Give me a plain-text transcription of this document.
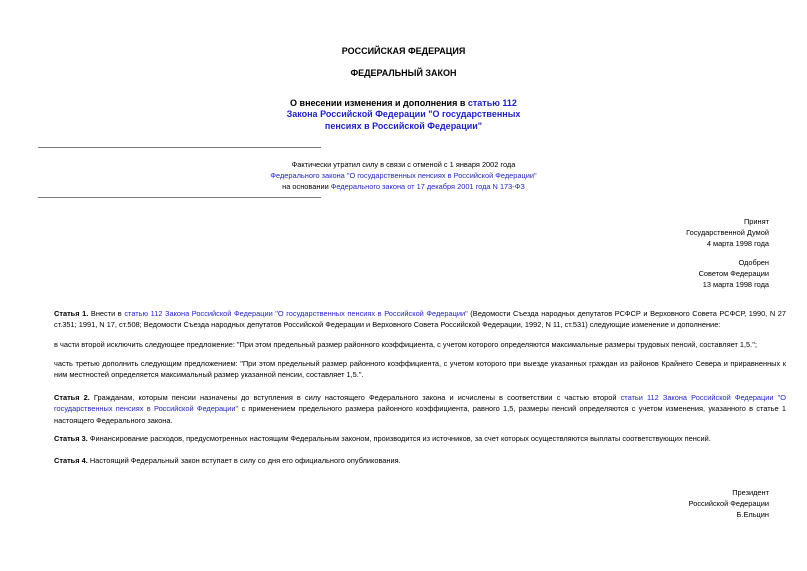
РОССИЙСКАЯ ФЕДЕРАЦИЯ
ФЕДЕРАЛЬНЫЙ ЗАКОН
О внесении изменения и дополнения в статью 112
Закона Российской Федерации "О государственных
пенсиях в Российской Федерации"
Фактически утратил силу в связи с отменой с 1 января 2002 года
Федерального закона "О государственных пенсиях в Российской Федерации"
на основании Федерального закона от 17 декабря 2001 года N 173-ФЗ
Принят
Государственной Думой
4 марта 1998 года
Одобрен
Советом Федерации
13 марта 1998 года
Статья 1. Внести в статью 112 Закона Российской Федерации "О государственных пенсиях в Российской Федерации" (Ведомости Съезда народных депутатов РСФСР и Верховного Совета РСФСР, 1990, N 27 ст.351; 1991, N 17, ст.508; Ведомости Съезда народных депутатов Российской Федерации и Верховного Совета Российской Федерации, 1992, N 11, ст.531) следующие изменение и дополнение:
в части второй исключить следующее предложение: "При этом предельный размер районного коэффициента, с учетом которого определяются максимальные размеры трудовых пенсий, составляет 1,5.";
часть третью дополнить следующим предложением: "При этом предельный размер районного коэффициента, с учетом которого при выезде указанных граждан из районов Крайнего Севера и приравненных к ним местностей определяется максимальный размер указанной пенсии, составляет 1,5.".
Статья 2. Гражданам, которым пенсии назначены до вступления в силу настоящего Федерального закона и исчислены в соответствии с частью второй статьи 112 Закона Российской Федерации "О государственных пенсиях в Российской Федерации" с применением предельного размера районного коэффициента, равного 1,5, размеры пенсий определяются с учетом изменения, указанного в статье 1 настоящего Федерального закона.
Статья 3. Финансирование расходов, предусмотренных настоящим Федеральным законом, производится из источников, за счет которых осуществляются выплаты соответствующих пенсий.
Статья 4. Настоящий Федеральный закон вступает в силу со дня его официального опубликования.
Президент
Российской Федерации
Б.Ельцин
